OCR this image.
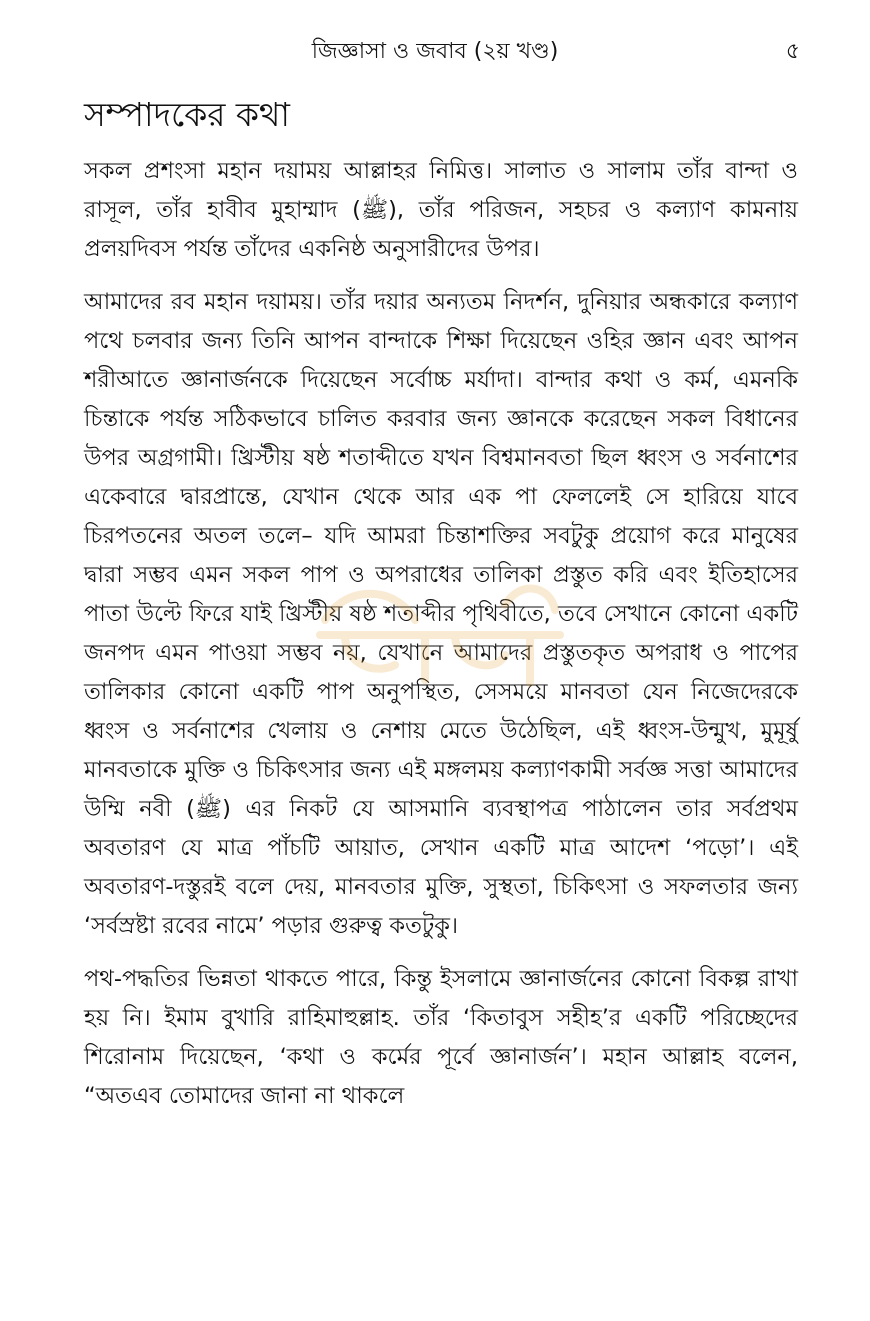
জিজ্ঞাসা ও জবাব (২য় খণ্ড)	৫
সম্পাদকের কথা

সকল প্রশংসা মহান দয়াময় আল্লাহর নিমিত্ত। সালাত ও সালাম তাঁর বান্দা ও রাসূল, তাঁর হাবীব মুহাম্মাদ (ﷺ), তাঁর পরিজন, সহচর ও কল্যাণ কামনায় প্রলয়দিবস পর্যন্ত তাঁদের একনিষ্ঠ অনুসারীদের উপর।

আমাদের রব মহান দয়াময়। তাঁর দয়ার অন্যতম নিদর্শন, দুনিয়ার অন্ধকারে কল্যাণ পথে চলবার জন্য তিনি আপন বান্দাকে শিক্ষা দিয়েছেন ওহির জ্ঞান এবং আপন শরীআতে জ্ঞানার্জনকে দিয়েছেন সর্বোচ্চ মর্যাদা। বান্দার কথা ও কর্ম, এমনকি চিন্তাকে পর্যন্ত সঠিকভাবে চালিত করবার জন্য জ্ঞানকে করেছেন সকল বিধানের উপর অগ্রগামী। খ্রিস্টীয় ষষ্ঠ শতাব্দীতে যখন বিশ্বমানবতা ছিল ধ্বংস ও সর্বনাশের একেবারে দ্বারপ্রান্তে, যেখান থেকে আর এক পা ফেললেই সে হারিয়ে যাবে চিরপতনের অতল তলে– যদি আমরা চিন্তাশক্তির সবটুকু প্রয়োগ করে মানুষের দ্বারা সম্ভব এমন সকল পাপ ও অপরাধের তালিকা প্রস্তুত করি এবং ইতিহাসের পাতা উল্টে ফিরে যাই খ্রিস্টীয় ষষ্ঠ শতাব্দীর পৃথিবীতে, তবে সেখানে কোনো একটি জনপদ এমন পাওয়া সম্ভব নয়, যেখানে আমাদের প্রস্তুতকৃত অপরাধ ও পাপের তালিকার কোনো একটি পাপ অনুপস্থিত, সেসময়ে মানবতা যেন নিজেদেরকে ধ্বংস ও সর্বনাশের খেলায় ও নেশায় মেতে উঠেছিল, এই ধ্বংস-উন্মুখ, মুমূর্ষু মানবতাকে মুক্তি ও চিকিৎসার জন্য এই মঙ্গলময় কল্যাণকামী সর্বজ্ঞ সত্তা আমাদের উম্মি নবী (ﷺ) এর নিকট যে আসমানি ব্যবস্থাপত্র পাঠালেন তার সর্বপ্রথম অবতারণ যে মাত্র পাঁচটি আয়াত, সেখান একটি মাত্র আদেশ ‘পড়ো’। এই অবতারণ-দস্তুরই বলে দেয়, মানবতার মুক্তি, সুস্থতা, চিকিৎসা ও সফলতার জন্য ‘সর্বস্রষ্টা রবের নামে’ পড়ার গুরুত্ব কতটুকু।

পথ-পদ্ধতির ভিন্নতা থাকতে পারে, কিন্তু ইসলামে জ্ঞানার্জনের কোনো বিকল্প রাখা হয় নি। ইমাম বুখারি রাহিমাহুল্লাহ. তাঁর ‘কিতাবুস সহীহ’র একটি পরিচ্ছেদের শিরোনাম দিয়েছেন, ‘কথা ও কর্মের পূর্বে জ্ঞানার্জন’। মহান আল্লাহ বলেন, “অতএব তোমাদের জানা না থাকলে
